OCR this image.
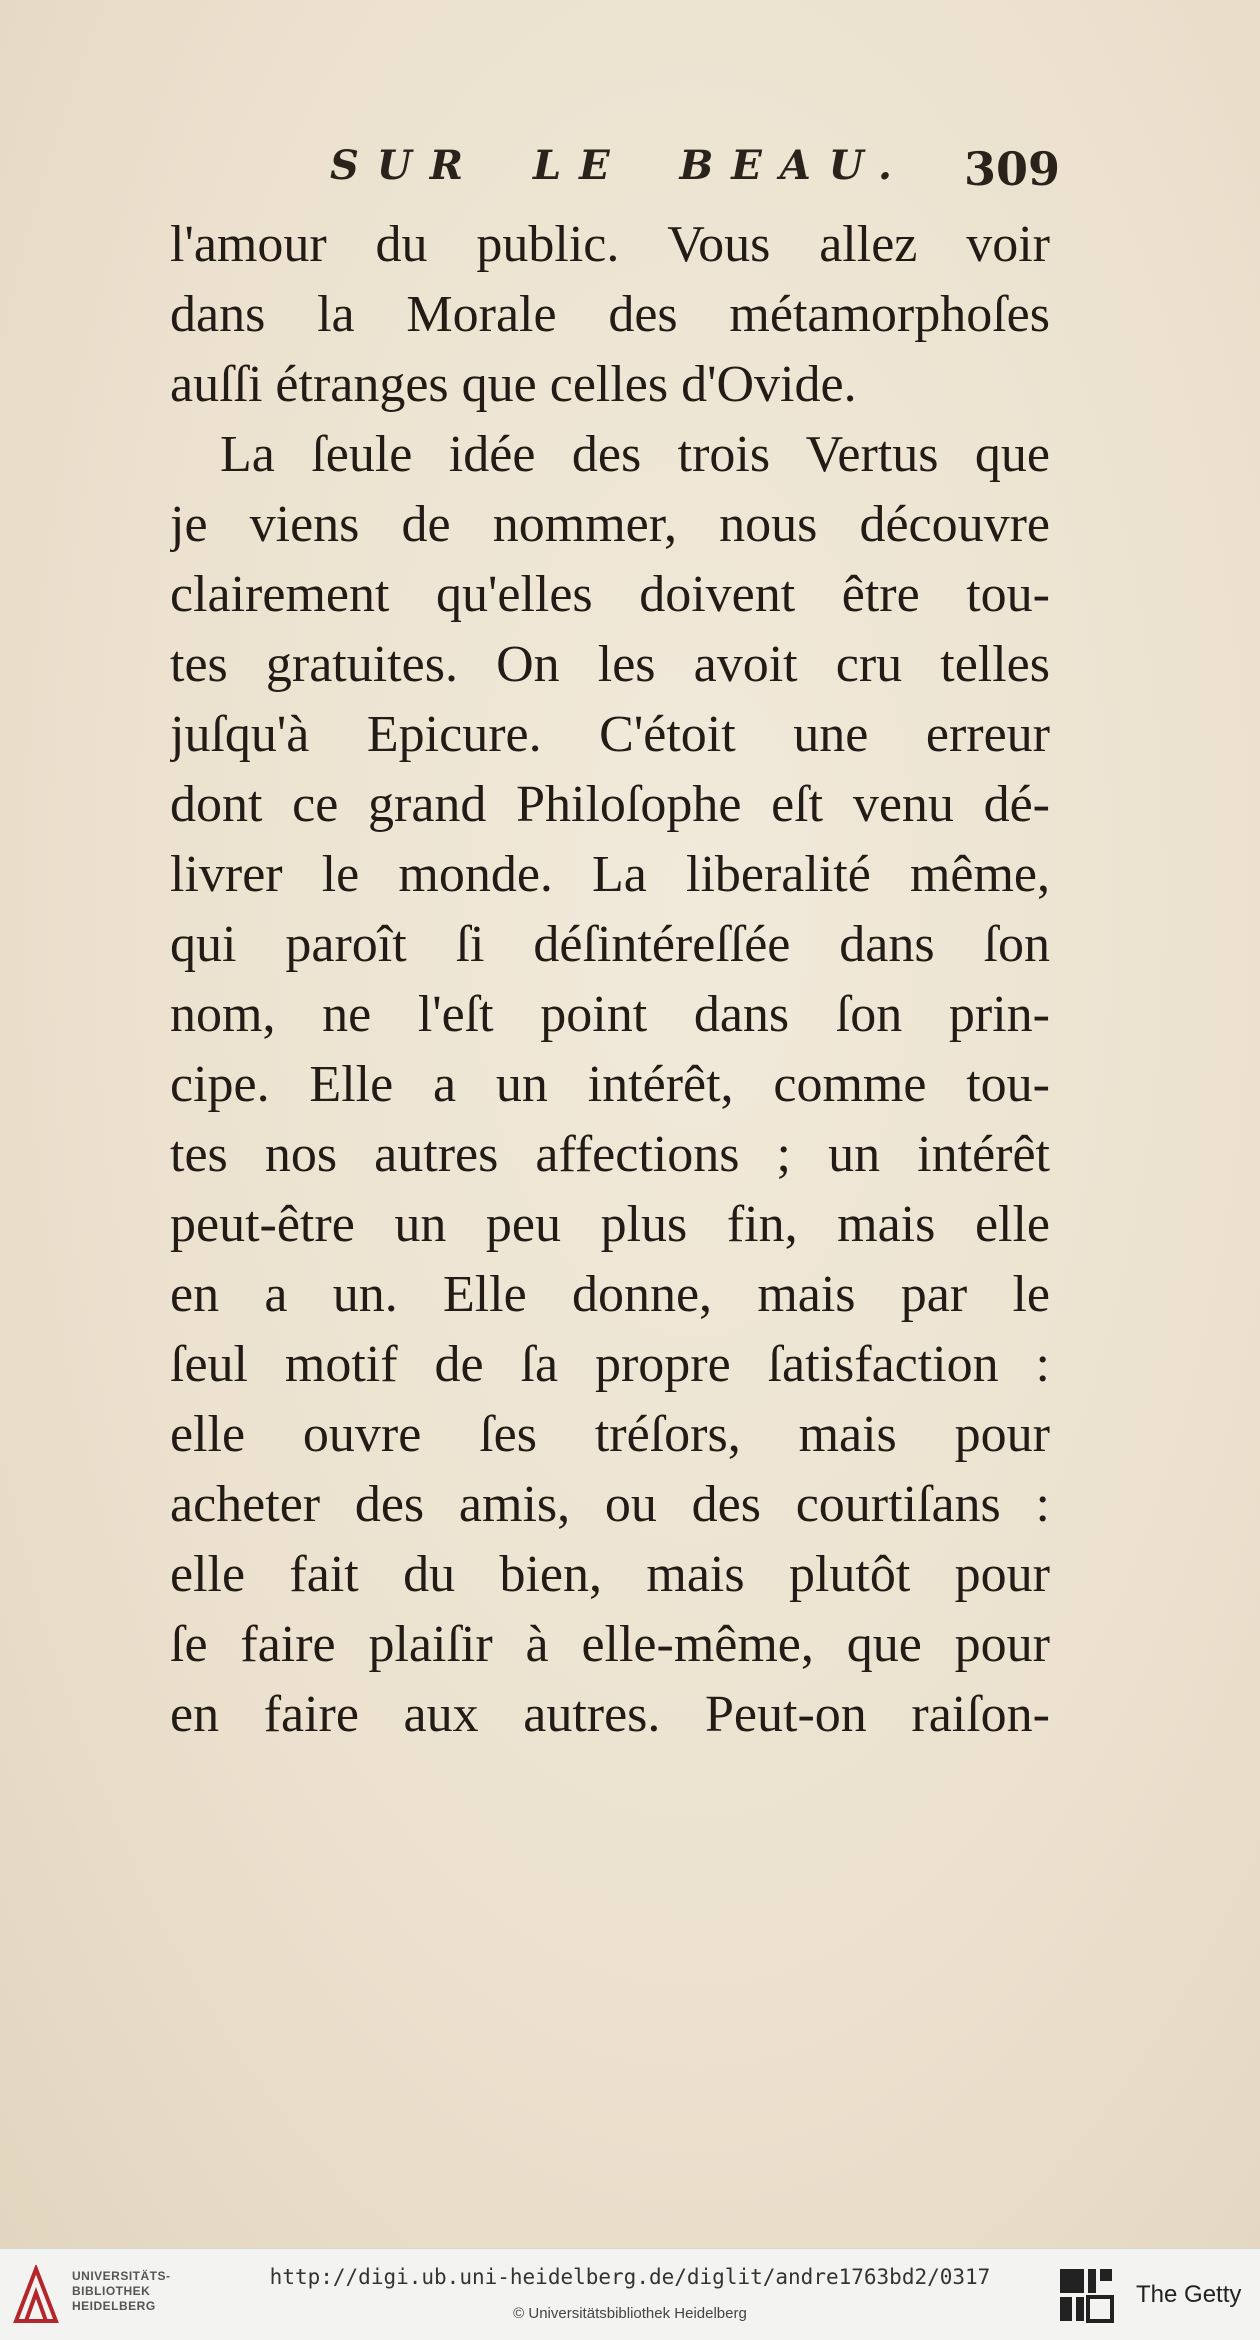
SUR LE BEAU. 309
l'amour du public. Vous allez voir
dans la Morale des métamorphoſes
auſſi étranges que celles d'Ovide.
La ſeule idée des trois Vertus que
je viens de nommer, nous découvre
clairement qu'elles doivent être tou-
tes gratuites. On les avoit cru telles
juſqu'à Epicure. C'étoit une erreur
dont ce grand Philoſophe eſt venu dé-
livrer le monde. La liberalité même,
qui paroît ſi déſintéreſſée dans ſon
nom, ne l'eſt point dans ſon prin-
cipe. Elle a un intérêt, comme tou-
tes nos autres affections ; un intérêt
peut-être un peu plus fin, mais elle
en a un. Elle donne, mais par le
ſeul motif de ſa propre ſatisfaction :
elle ouvre ſes tréſors, mais pour
acheter des amis, ou des courtiſans :
elle fait du bien, mais plutôt pour
ſe faire plaiſir à elle-même, que pour
en faire aux autres. Peut-on raiſon-
UNIVERSITÄTS-
BIBLIOTHEK
HEIDELBERG
http://digi.ub.uni-heidelberg.de/diglit/andre1763bd2/0317
© Universitätsbibliothek Heidelberg
The Getty
